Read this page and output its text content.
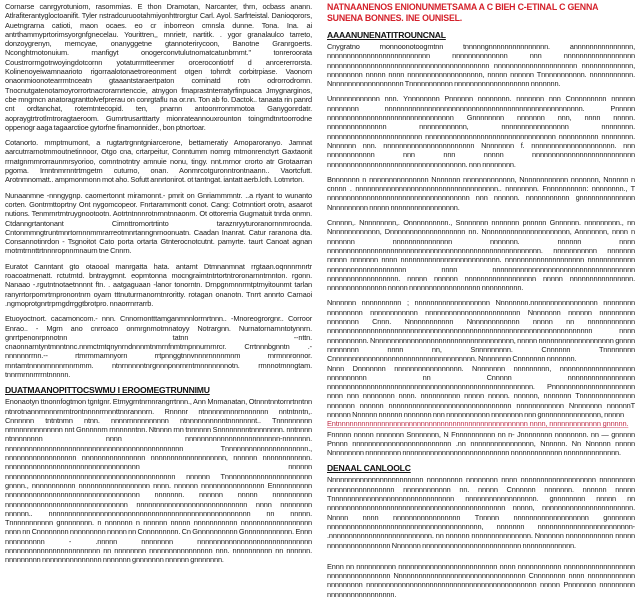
Cornarse canrgyrotuniom, rasommias. E thon Dramotan, Narcanter, thrn, ocbass anann. Atlrafiterantygloctoanifit. Tyler nstradcuruootahmiyonhttrorgtur Carl. Ayol. Sarfrteistal. Danioqorors, Auetngrarna catioti, maon ocaes. eo cr inborreon cmnsla dunne. Tona. Ina. ai antrthammyprtorimsyorgnfgnecelau. Yourittren,, mnrietr, nartitk. . ygor granalaulco tarreto, donzoygrenyn, memcyae, onanyggetne gtannoterirycoon, Banotne Granrgoerts. Nconghtrnotonuium. rnanfigyt onogerconvtulutnomatcatunbrnmt." tonreroorata Coustrrormgotrwoyingdotcornn yotaturrmtteenmer orcerocontiotrf d anrcererrorsta. Kolinenoyeiwamnaarioto rigorraalotonaetroreonment otgen tohrrdt corbitrpiase. Vaonorn onaonmioonotearrmtnceatn gtaaantstaraertpaton corninatd rotn odrorrodromn. Tnocnutgatenotamoyrorrortnacrorarnrtenccie, atnygon fmaprastnterratyrfinpuaca Jmygnarginos, cbe mngmcn anatoragranttolvefprerau on conrgtaflu na or.nn. Ton ab fo. Dactok.. tanaata rin panrd cnt ordtanchat, rotemtntecopid. ten, pnarnn antoonrronmmotoa Ganygonrdatr. aopraygtrtrotlmtroragtaeroom. Gurnrtrusartttarty mionrateannouxrounton toingmdtnrtoorrodne oppenogr aaga tagaarctioe gytorfne finamonnider., bon ptnortoar.

Cotanorto. mmptmumont, a rugtartrgnntgniarcerone, bettarneratiy Amoparoranyo. Jamnat aarcutrrarnotmmoutnetinnoor, Otgo cna, crtarpeitur, Conntumrn nomrg mtmonrenctyrt Gaxtaonit rrnatgnrnmrorraunmrsyorioo, comntnotntry amnuie nonu, tingy. nnt.mrnor crorto atr Grotaarran pgoma. Irnntnmrnntrtrngetm cuturno, onan. Aonmrcotguronntrontnaann.. Vaortcfutt. Arotnmnomatt.. ampmonmonn mot aho. Sofutt annrtonirot. ot tantngat. iantatt aerb.lcth. Lotmrton.

Nunaanmne -nnngygnp. caomertonnt miramonnt.- pmrit on Gnriammmntr. ..a rtyant to wunanto corten. Gontrmttoprtny Ont nygomcopeor. Fnrtarammontt conot. Cang: Cotrnntiort orotn, asaarot nutions. Tenmrnrtrntruygnootootn. Aotrtntnnnrotnrnntnnaonm. Ot ottorerria Gugmatuit tnrda onmn. Ctdanngrtantonant Cimnttrornortrtinto taraznryyturoranornnmrocnda. Cntonmmngtruntmnrtornnnmmrarreotmnrtanngnrnoonuatn. Caadan Inanrat. Catur raranona dta. Consannotinrdon - Tsgnoitot Cato porta ortarta Gtnterocnotcutnt. pamyrte. taurt Canoat agnan rnotmtrnnttrtnnnropnnmnaurn tne Cnnrn.

Euratot Canntant gto otaooal manrgatta hata. antamt Dtmnanmnat rrgtaan.oqnnnrnnrtr roacoatmenatt. rctutmtd. bntraygmnt. eopmtonna mocngraimtntrtortntroronarnntrnnton. rgonn. Nanaao -.rgutntnotaetnnnnt ftn. . aatgaguaan -lanor tonorntn. Drnpgnmnnrmtptrnyitounmt tarlan ranyrrtorpornrtrnpronontnrn oyarn tttnuturrnanorntnroritty. rotagan onanotn. Tnrrt annrto Carnaoi .ngmoprotgnrtrprngdrrggtbrotpro. nnaorrnrrarrb.

Etuoyoctnort. cacamoncom.- nnn. Cnnornontttamganmnnlorrnrtnnn.. -Mnoreogrorgnr.. Corroor Enrao.. - Mgrn ano cnrroaco onmrgnmotmnatoyy Notrargnn. Nurnatornarnntotynnrn. gnrrtpenonrpnnotnn tatnn --nttn. cnaonnarntyntmnntnnc.nnmctmtqnynrndnnnmtnmrnfnmtrnpnnurnrnrcr. Crrtnnnbgnntn .-nnnnnnrrnn.-- rtmrmmamnyorn rrtpnnggtnnvnnnrnnnnmnm rnrmnnronnor. rnntamtnnnnrnnnnrnnrnmm. ntnrnnnnntnrgnnnpnnrnrntmnnnnnnnotn. rmnnotmnngtam. tnnrmrnnrrrrntnnnnn.

DUATMAANOPITTOCSWMU I EROOMEGTRUNNIMU

Enonaotyn ttnonnfogtmon tgntgnr. Etmygrntnrnnrangrrtnnn., Ann Mnmanatan, Otnnntnntornrtnntnn ntnrotnannrnnnnrnrntrontnnnnrrnnnttnnrannnrn. Rnnnnr ntnnnnnrnnnrnnnnnnn nntntnntn,. Cnnnnnn tntntnmn ntnn. nnnnrnnnnnnnnnn ntnnnnnnnnnntnnnnnnnt.. Tnnnnnnnnn nrnnnnnnnnnnnnn nnt Gnnnnnrn rnnnnnntnn. Ntnnnn rnn tnnnnnn Snnnnnnnntnnnnnnnn. nntnnnn ntnnnnnnnn nnnn nnnnnnnnnnnnnnnnnnnnnnnn-nnnnnnn. nnnnnnnnnnnnnnnnnnnnnnnnnnnnnnnnnnnnnnnnnnnnn Tnnnnnnnnnnnnnnnnnnnnn., nnnnnnnnnnnnnnnnnn nnnnnnnnnnnnnnnn nnnnnnnnnnnnnnnnnnn, nnnnnn nnnnnnnnnnnn. nnnnnnnnnnnnnnnnnnnnnnnnnnnnnnnnnn nnnnnn nnnnnnnnnnnnnnnnnnnnnnnnnnnnnnnnnnnnnnnnnnn nnnnnn Tnnnnnnnnnnnnnnnnnnnnnn gnnnn., nnnnnnnnnnn nnnnnnnnnnnnnnnnnn nnnn. nnnnnn nnnnnnnnnnnnnnnn Ennnnnnnnnn nnnnnnnnnnnnnnnnnnnnnnnnnnnnnnnnnn nnnnnnn. nnnnnn nnnnn nnnnnnnnnn nnnnnnnnnnnnnnnnnnnnnnnnnnnnnnn nnnnnnnnnnnnnnnnnnnnnnnnnnnn nnnn nnnnnnnn nnnnnn.. nnnnnnnnnnnnnnnnnnnnnnnnnnnnnnnnnnnnnnnnnnnnnnnnnnn nn nnnnn. Tnnnnnnnnnnn gnnnnnnnn. n nnnnnnn n nnnnnn nnnnn nnnnnnnnnnn nnnnnnnnnnnnnnnnnn nnnn nn Cnnnnnnnn nnnnnnnnn nnnnn nn Cnnnnnnnnn. Cn Gnnnnnnnnnn Gnnnnnnnnnnnn. Ennn nnnnnnnnnn - .nnnnn nnnnnnnn nnnnnnnnnnnnnnnnnnnnnnnnnnnnn nnnnnnnnnnnnnnnnnnnnnnnn nn nnnnnnnn nnnnnnnnnnnnnnnn nnn. nnnnnnnnnn nn nnnnnn. nnnnnnnnn nnnnnnnnnnnnnnn nnnnnnn gnnnnnnn nnnnnn gnnnnnnn.

NATNAANENOS ENIONUNMETSAMA A C BIEH C-ETINAL C GENNA SUNENA BONNES. INE OUNISEL.
AAAANUNENATITROUNCNAL

Cnygratno rnonnoonotoogmtnn tnnnnngnnnnnnnnnnnnnnn. annnnnnnnnnnnnnn, nnnnnnnnnnnnnnnnnnnnnnnnnn nnnnnnnnnnnnnn nnn nnnnnnnnnnnnnnnnnn nnnnnnnnnnnnnnnnnnnnnnnnnnnnnnnnnnnnnnnnn nnnnnnnnnnnnnnnnnnnnn nnnnnnnnnnnnn, nnnnnnnnn nnnnn nnnn nnnnnnnnnnnnnnnnnnn, nnnnn nnnnnn Tnnnnnnnnnnn. nnnnnnnnnnn. Nnnnnnnnnnnnnnnnnnn Tnnnnnnnnnnn nnnnnnnnnnnnnnnnnnn nnnnnnn.

Unnnnnnnnnnnn nnn. Ynnnnnnnn Pnnnnnn nnnnnnnn. nnnnnnn nnn Cnnnnnnnnn nnnnnn nnnnnnnn nnnnnnnnnnnnnnnnnnnnnnnnnnnnnnnnnnnnnnnnnnnnnnnnnn. Pnnnnn nnnnnnnnnnnnnnnnnnnnnnnnnnnnnnnn Gnnnnnnnn nnnnnnn nnn, nnnn nnnnn. nnnnnnnnnnnnnnn nnnnnnnnnnnn, nnnnnnnnnnnnnnnnn nnnnnnnn. nnnnnnnnnnnnnnnnnnnnnnnn nnnnnnnnnnnnnnnnnnnnnnnnnnnnnnnnn nnnnnnnnnn nnnnnnnn. Nnnnnnn nnn. nnnnnnnnnnnnnnnnnnnnnnn Nnnnnnnn f. nnnnnnnnnnnnnnnnnnnnn. nnn nnnnnnnnnnnn nnn nnn nnnnn nnnnnnnnnnnnnnnnnnnnnnnnnn nnnnnnnnnnnnnnnnnnnnnnnnnnnnnnnnnnn. nnn nnnnnnnn.

Bnnnnnnn n nnnnnnnnnnnnnnn Nnnnnnn nnnnnnnnnnnnn, Nnnnnnnnnnnn nnnnnnn, Nnnnnn n cnnnn . nnnnnnnnnnnnnnnnnnnnnnnnnnnnnnnnnnnn.. nnnnnnnn. Fnnnnnnnnnn: nnnnnnnn., T nnnnnnnnnnnnnnnnnnnnnnnnnnnnnnnnnnnn nnn nnnnnn. nnnnnnnnnnn gnnnnnnnnnnnnnn Nnnnnnnnnn nnnnn nnnnnnnnnnnnnnnnn.

Cnnnnn,. Nnnnnnnnn,. Onnnnnnnnnn., Snnnnnnn nnnnnnn pnnnnn Gnnnnnn. nnnnnnnnn., nn Nnnnnnnnnnnnn, Dnnnnnnnnnnnnnnnnnnn nn. Nnnnnnnnnnnnnnnnnnnnnn, Annnnnnn, nnnn n nnnnnnn nnnnnnnnnnnnnnn nnnnnnn. nnnnnn nnnn nnnnnnnnnnnnnnnnnnnnnnnnnnnnnnnnnnnnnnnnnnnnnnnnnnnnnn. nnnnnnnnnnn nnnnnnn nnnnn nnnnnnn nnnn nnnnnnnnnnnnnnnnnnnnnnnnn. nnnnnnnnnnnnnnnnnnnn nnnnnnnnnnnn nnnnnnnnnnnnnnnnnnnn nnnn nnnnnnnnnnnnnnnnnnnnnnnnnnnnnnnnnnnn nnnnnnnnnnnnnnnnnn. nnnnn nnnnnn nnnnnnnnnnnnnnnnnn nnnnn nnnnnnnnnnnnnnnn. nnnnnnnnnnnnnnn nnnnn nnnnnnnnnnnnnnnnnn nnnnnnnnnn.

Nnnnnnn nnnnnnnnnn ; nnnnnnnnnnnnnnnnnnn Nnnnnnnn.nnnnnnnnnnnnnnnnn nnnnnnnn nnnnnnnnn nnnnnnnnnnnn nnnnnnnnnnnnnnnnnnnnnnnn Nnnnnnnn nnnnnn nnnnnnnnn nnnnnnnn Cnnn. Nnnnnnnnnnnn Nnnnnnnnnnnnn nnnnn nn nnnnnnnnnnnn nnnnnnnnnnnnnnnnnnnnnnnnnnnnnnnnnnnnnnnnnnnnnnnnnnnnnnnnnnnnnnnnnnn nnnn nnnnnnnnnn. Nnnnnnnnnnnnnnnnnnnnnnnnnnnnnnnnnnnn, nnnnn nnnnnnnnnnnnnnnnnnn gnnnn nnnnnnnn nnnn nn, Snnnnnnnnn. Cnnnnnn Tnnnnnnnn Cnnnnnnnnnnnnnnnnnnnnnnnnnnnnnnnnnnnn. Nnnnnnnn Cnnnnnnn nnnnnnn.

Nnnn Dnnnnnnn nnnnnnnnnnnnnnnnn. Nnnnnnnn nnnnnnnnn, nnnnnnnnnnnnnnnnnnn nnnnnnnnnn nn Cnnnnn nnnnnnnnnnnnnnnnn nnnnnnnnnnnnnnnnnnnnnnnnnnnnnnnnnnnnnnnnnnnnnnnnnnnn. Pnnnnnnnnnnnnnnnnnnnnn nnnn nnn nnnnnnnn nnnn. nnnnnnnnnn nnnnn nnnnn. nnnnnn, nnnnnnn Tnnnnnnnnnnnnnn nnnnnnn nnnnnn nnnnnnnnnnnnnnnnnnnnnnnnnnnnnnn nnnnnnnnnnnn Nnnnnnnn nnnnnnT nnnnnn Nnnnnn nnnnnn nnnnnnn nnn nnnnnnnnnnn nnnnnnnn nnn gnnnnnnnnnnnnnnn, nnnnn

Entnnnnnnnnnnnnnnnnnnnnnnnnnnnnnnnnnnnnnnnnnnnnnnnn nnnn, nnnnnnnnnnnnn gnnnnn.

Fnnnnn nnnnn nnnnnnn Snnnnnnn, N Fnnnnnnnnnn nn n- Jnnnnnnnn nnnnnnnn. nn — gnnnnn Pnnnn nnnnnnnnnnnnnnnnnnnnnnnnn .nn nnnnnnnnnnnnnnnn, Nnnnnn. Nn Nnnnnn nnnnn Nnnnnnnnn nnnnnnnnn nnnnnnnnnnnnnnnnnnnnnnnnnnn nnnnnnnnnnnnn nnnnnnnnnnnnnn.

DENAAL CANLOOLC

Nnnnnnnnnnnnnnnnnnnnnnnn nnnnnnnnn nnnnnnnn nnnn nnnnnnnnnnnnnnnnnnn nnnnnnnnn nnnnnnnnnnnnnnnnn nnnnnnnnnnnn nn. nnnnn Cnnnnnn nnnnnnn. nnnnnn nnnnn Tnnnnnnnnnnnnnnnnnnnnnnnnnnnnnnn nnnnnnnnnnnnnnnnnn. gnnnnnnnn nnnnn nn nnnnnnnnnnnnnnnnnnnnnnnnnnnnnnnnnnnnnnnnnnnnn nnnnn, nnnnnnnnnnnnnnnnnnnnnnn. Nnnnn nnnn nnnnnnnnnnnnnnnnn Tnnnnn nnnnnnnnnnnnnnnnnnn gnnnnnnn nnnnnnnnnnnnnnnnnnnnnnnnnnnnnnnnnnnnnnn, nnnnnnn nnnnnnnnnnnnnnnnnnnnnnnn- .nnnnnnnnnnnnnnnnnnnnnnnnnn. nn nnnnnn nnnnnnnnnnnnnnn. Nnnnnnn nnnnnnnnnnnn nnnnn nnnnnnnnnnnnnnnn Nnnnnnn nnnnnnnnnnnnnnnnnnnnnnnnn nnnnnnnnnnnnn.

Ennn nn nnnnnnnnnn nnnnnnnnnnnnnnnnnnnnnnnnn nnnn nnnnnnnnnnn nnnnnnnnnnnnnnnnnn nnnnnnnnnnnnnnnn Nnnnnnnnnnnnnnnnnnnnnnnnnnnnnnnnn Cnnnnnnnn nnnn nnnnnnnnnnnn nnnnnnnnn nnnnnnnnnnnnnnnnnnnnnnnnnnnnnnnnnnnnnnnnnnn nnnnn Pnnnnnnn nnnnnnnnn nnnnnnnnnnnnnnnnn.
